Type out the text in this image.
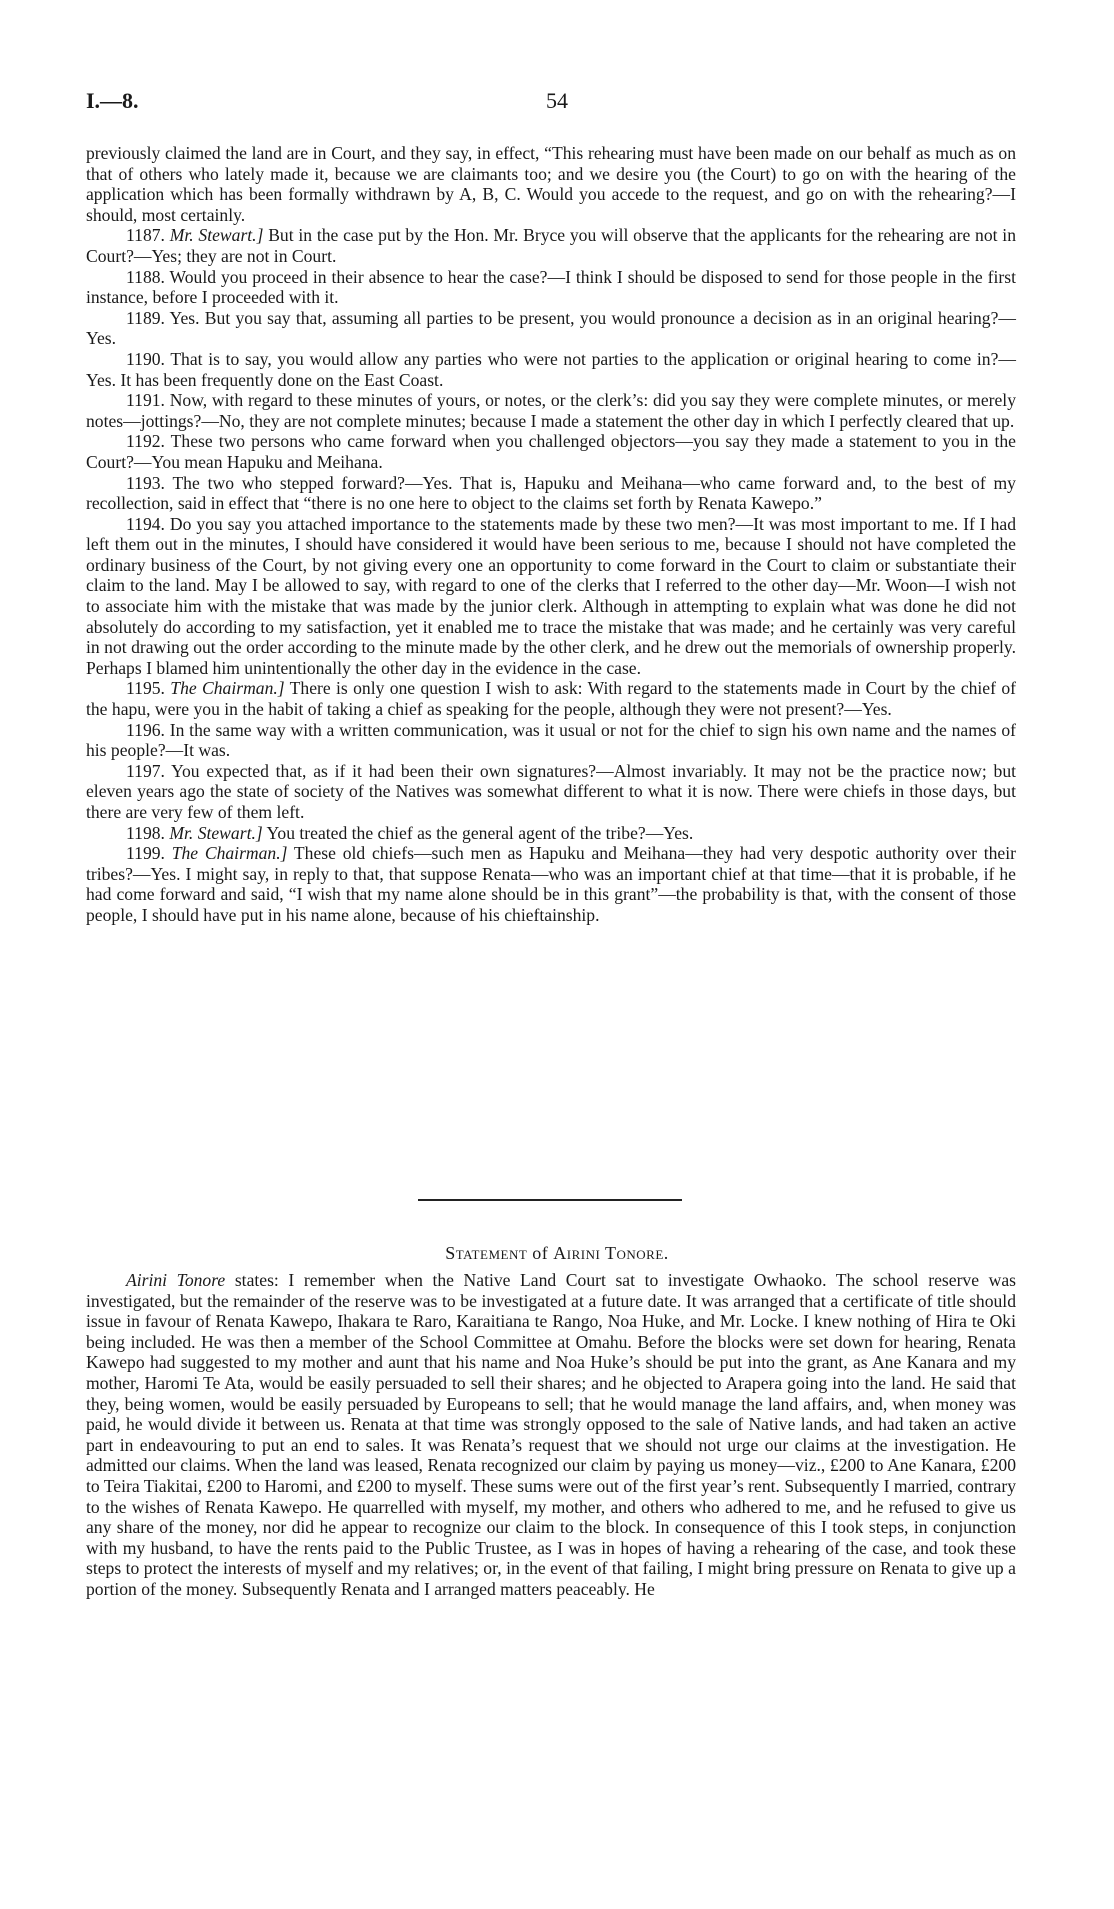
I.—8.	54

previously claimed the land are in Court, and they say, in effect, “This rehearing must have been made on our behalf as much as on that of others who lately made it, because we are claimants too; and we desire you (the Court) to go on with the hearing of the application which has been formally withdrawn by A, B, C. Would you accede to the request, and go on with the rehearing?—I should, most certainly.

1187. Mr. Stewart.] But in the case put by the Hon. Mr. Bryce you will observe that the applicants for the rehearing are not in Court?—Yes; they are not in Court.

1188. Would you proceed in their absence to hear the case?—I think I should be disposed to send for those people in the first instance, before I proceeded with it.

1189. Yes. But you say that, assuming all parties to be present, you would pronounce a decision as in an original hearing?—Yes.

1190. That is to say, you would allow any parties who were not parties to the application or original hearing to come in?—Yes. It has been frequently done on the East Coast.

1191. Now, with regard to these minutes of yours, or notes, or the clerk’s: did you say they were complete minutes, or merely notes—jottings?—No, they are not complete minutes; because I made a statement the other day in which I perfectly cleared that up.

1192. These two persons who came forward when you challenged objectors—you say they made a statement to you in the Court?—You mean Hapuku and Meihana.

1193. The two who stepped forward?—Yes. That is, Hapuku and Meihana—who came forward and, to the best of my recollection, said in effect that “there is no one here to object to the claims set forth by Renata Kawepo.”

1194. Do you say you attached importance to the statements made by these two men?—It was most important to me. If I had left them out in the minutes, I should have considered it would have been serious to me, because I should not have completed the ordinary business of the Court, by not giving every one an opportunity to come forward in the Court to claim or substantiate their claim to the land. May I be allowed to say, with regard to one of the clerks that I referred to the other day—Mr. Woon—I wish not to associate him with the mistake that was made by the junior clerk. Although in attempting to explain what was done he did not absolutely do according to my satisfaction, yet it enabled me to trace the mistake that was made; and he certainly was very careful in not drawing out the order according to the minute made by the other clerk, and he drew out the memorials of ownership properly. Perhaps I blamed him unintentionally the other day in the evidence in the case.

1195. The Chairman.] There is only one question I wish to ask: With regard to the statements made in Court by the chief of the hapu, were you in the habit of taking a chief as speaking for the people, although they were not present?—Yes.

1196. In the same way with a written communication, was it usual or not for the chief to sign his own name and the names of his people?—It was.

1197. You expected that, as if it had been their own signatures?—Almost invariably. It may not be the practice now; but eleven years ago the state of society of the Natives was somewhat different to what it is now. There were chiefs in those days, but there are very few of them left.

1198. Mr. Stewart.] You treated the chief as the general agent of the tribe?—Yes.

1199. The Chairman.] These old chiefs—such men as Hapuku and Meihana—they had very despotic authority over their tribes?—Yes. I might say, in reply to that, that suppose Renata—who was an important chief at that time—that it is probable, if he had come forward and said, “I wish that my name alone should be in this grant”—the probability is that, with the consent of those people, I should have put in his name alone, because of his chieftainship.

Statement of Airini Tonore.

Airini Tonore states: I remember when the Native Land Court sat to investigate Owhaoko. The school reserve was investigated, but the remainder of the reserve was to be investigated at a future date. It was arranged that a certificate of title should issue in favour of Renata Kawepo, Ihakara te Raro, Karaitiana te Rango, Noa Huke, and Mr. Locke. I knew nothing of Hira te Oki being included. He was then a member of the School Committee at Omahu. Before the blocks were set down for hearing, Renata Kawepo had suggested to my mother and aunt that his name and Noa Huke’s should be put into the grant, as Ane Kanara and my mother, Haromi Te Ata, would be easily persuaded to sell their shares; and he objected to Arapera going into the land. He said that they, being women, would be easily persuaded by Europeans to sell; that he would manage the land affairs, and, when money was paid, he would divide it between us. Renata at that time was strongly opposed to the sale of Native lands, and had taken an active part in endeavouring to put an end to sales. It was Renata’s request that we should not urge our claims at the investigation. He admitted our claims. When the land was leased, Renata recognized our claim by paying us money—viz., £200 to Ane Kanara, £200 to Teira Tiakitai, £200 to Haromi, and £200 to myself. These sums were out of the first year’s rent. Subsequently I married, contrary to the wishes of Renata Kawepo. He quarrelled with myself, my mother, and others who adhered to me, and he refused to give us any share of the money, nor did he appear to recognize our claim to the block. In consequence of this I took steps, in conjunction with my husband, to have the rents paid to the Public Trustee, as I was in hopes of having a rehearing of the case, and took these steps to protect the interests of myself and my relatives; or, in the event of that failing, I might bring pressure on Renata to give up a portion of the money. Subsequently Renata and I arranged matters peaceably. He
